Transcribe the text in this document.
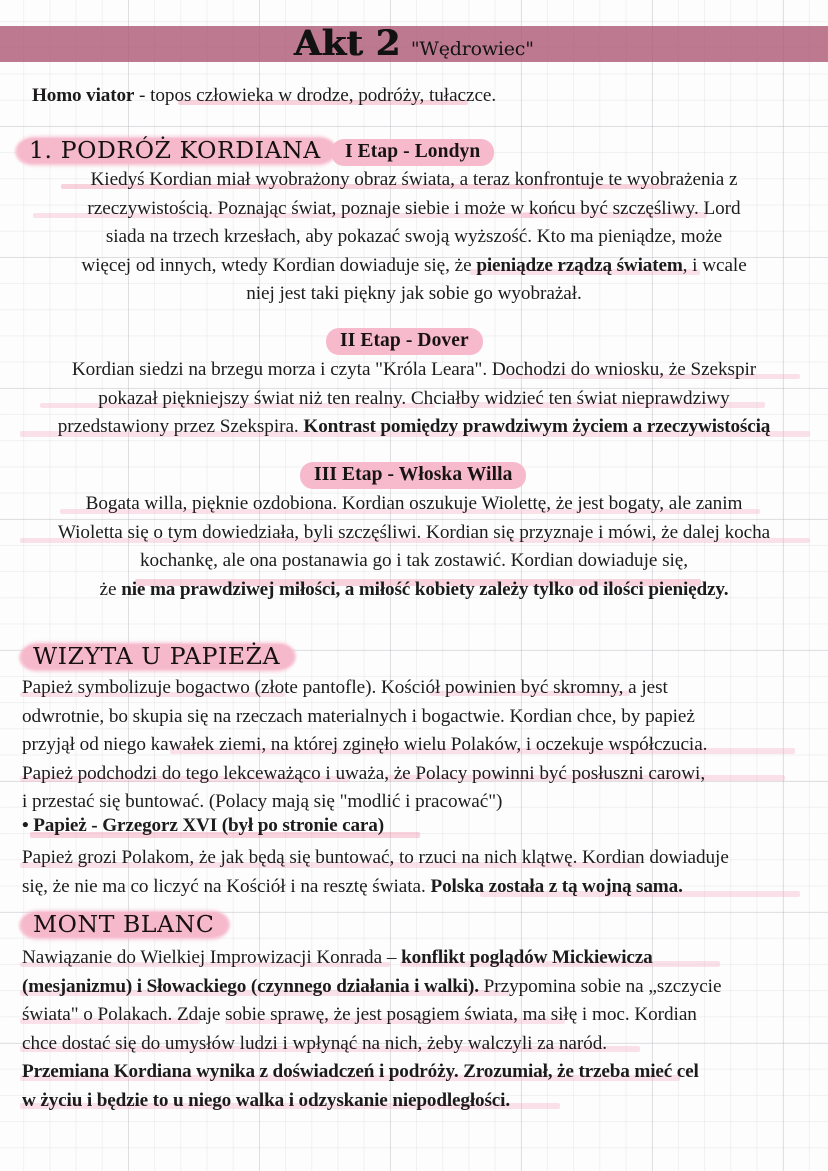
Akt 2 "Wędrowiec"
Homo viator - topos człowieka w drodze, podróży, tułaczce.
1. PODRÓŻ KORDIANA	I Etap - Londyn
Kiedyś Kordian miał wyobrażony obraz świata, a teraz konfrontuje te wyobrażenia z
rzeczywistością. Poznając świat, poznaje siebie i może w końcu być szczęśliwy. Lord
siada na trzech krzesłach, aby pokazać swoją wyższość. Kto ma pieniądze, może
więcej od innych, wtedy Kordian dowiaduje się, że pieniądze rządzą światem, i wcale
niej jest taki piękny jak sobie go wyobrażał.
II Etap - Dover
Kordian siedzi na brzegu morza i czyta "Króla Leara". Dochodzi do wniosku, że Szekspir
pokazał piękniejszy świat niż ten realny. Chciałby widzieć ten świat nieprawdziwy
przedstawiony przez Szekspira. Kontrast pomiędzy prawdziwym życiem a rzeczywistością
III Etap - Włoska Willa
Bogata willa, pięknie ozdobiona. Kordian oszukuje Wiolettę, że jest bogaty, ale zanim
Wioletta się o tym dowiedziała, byli szczęśliwi. Kordian się przyznaje i mówi, że dalej kocha
kochankę, ale ona postanawia go i tak zostawić. Kordian dowiaduje się,
że nie ma prawdziwej miłości, a miłość kobiety zależy tylko od ilości pieniędzy.
WIZYTA U PAPIEŻA
Papież symbolizuje bogactwo (złote pantofle). Kościół powinien być skromny, a jest
odwrotnie, bo skupia się na rzeczach materialnych i bogactwie. Kordian chce, by papież
przyjął od niego kawałek ziemi, na której zginęło wielu Polaków, i oczekuje współczucia.
Papież podchodzi do tego lekceważąco i uważa, że Polacy powinni być posłuszni carowi,
i przestać się buntować. (Polacy mają się "modlić i pracować")
• Papież - Grzegorz XVI (był po stronie cara)
Papież grozi Polakom, że jak będą się buntować, to rzuci na nich klątwę. Kordian dowiaduje
się, że nie ma co liczyć na Kościół i na resztę świata. Polska została z tą wojną sama.
MONT BLANC
Nawiązanie do Wielkiej Improwizacji Konrada – konflikt poglądów Mickiewicza
(mesjanizmu) i Słowackiego (czynnego działania i walki). Przypomina sobie na „szczycie
świata" o Polakach. Zdaje sobie sprawę, że jest posągiem świata, ma siłę i moc. Kordian
chce dostać się do umysłów ludzi i wpłynąć na nich, żeby walczyli za naród.
Przemiana Kordiana wynika z doświadczeń i podróży. Zrozumiał, że trzeba mieć cel
w życiu i będzie to u niego walka i odzyskanie niepodległości.
